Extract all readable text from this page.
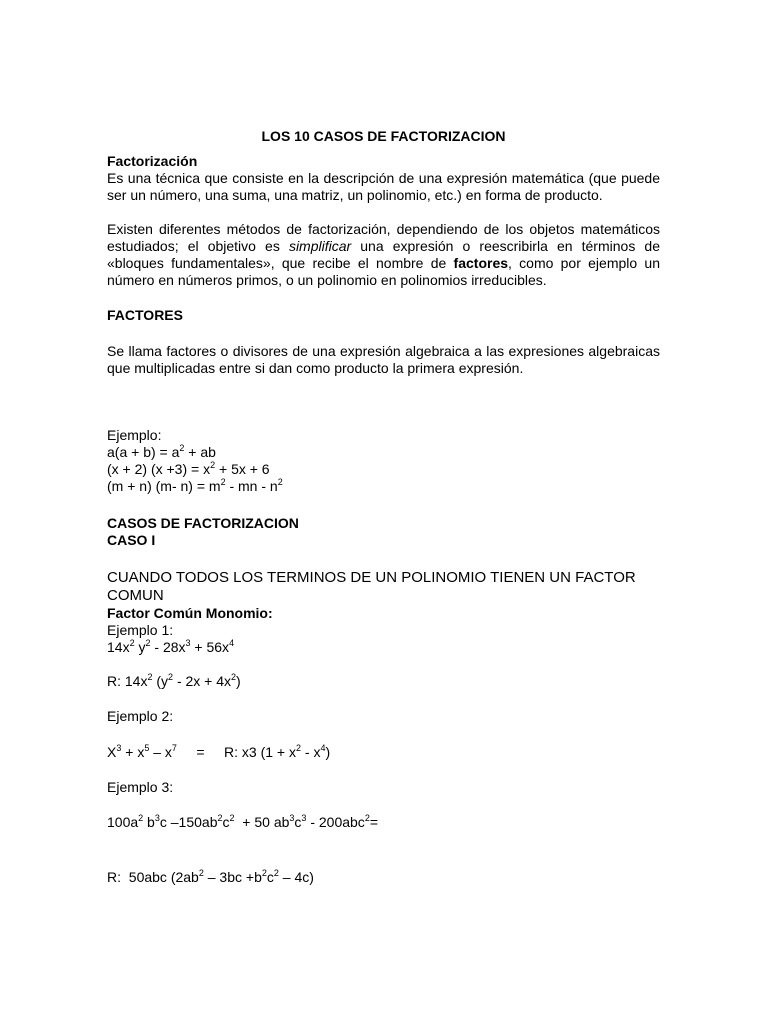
LOS 10 CASOS DE FACTORIZACION

Factorización

Es una técnica que consiste en la descripción de una expresión matemática (que puede ser un número, una suma, una matriz, un polinomio, etc.) en forma de producto.

Existen diferentes métodos de factorización, dependiendo de los objetos matemáticos estudiados; el objetivo es simplificar una expresión o reescribirla en términos de «bloques fundamentales», que recibe el nombre de factores, como por ejemplo un número en números primos, o un polinomio en polinomios irreducibles.

FACTORES

Se llama factores o divisores de una expresión algebraica a las expresiones algebraicas que multiplicadas entre si dan como producto la primera expresión.

Ejemplo:

$a(a + b) = a^2$ + ab

(x + 2) $(x +3) = x^2 + 5x + 6$

(m + n) (m- $n) = m^2$ - mn - $n^2$

CASOS DE FACTORIZACION

CASO I

CUANDO TODOS LOS TERMINOS DE UN POLINOMIO TIENEN UN FACTOR COMUN

Factor Común Monomio:

Ejemplo 1:

$14x^2$ $y^2 - 28x^3 + 56x^4$

R: $14x^2$ $(y^2 - 2x + 4x^2)$

Ejemplo 2:

$X^3 + x^5 - x^7$     =     R: x3 $(1 + x^2 - x^4)$

Ejemplo 3:

$100a^2$ $b^3c$ $-150ab^2c^2 + 50$ $ab^3c^3 - 200abc^2=$

R:  50abc $(2ab^2 - 3bc +b^2c^2 - 4c)$
